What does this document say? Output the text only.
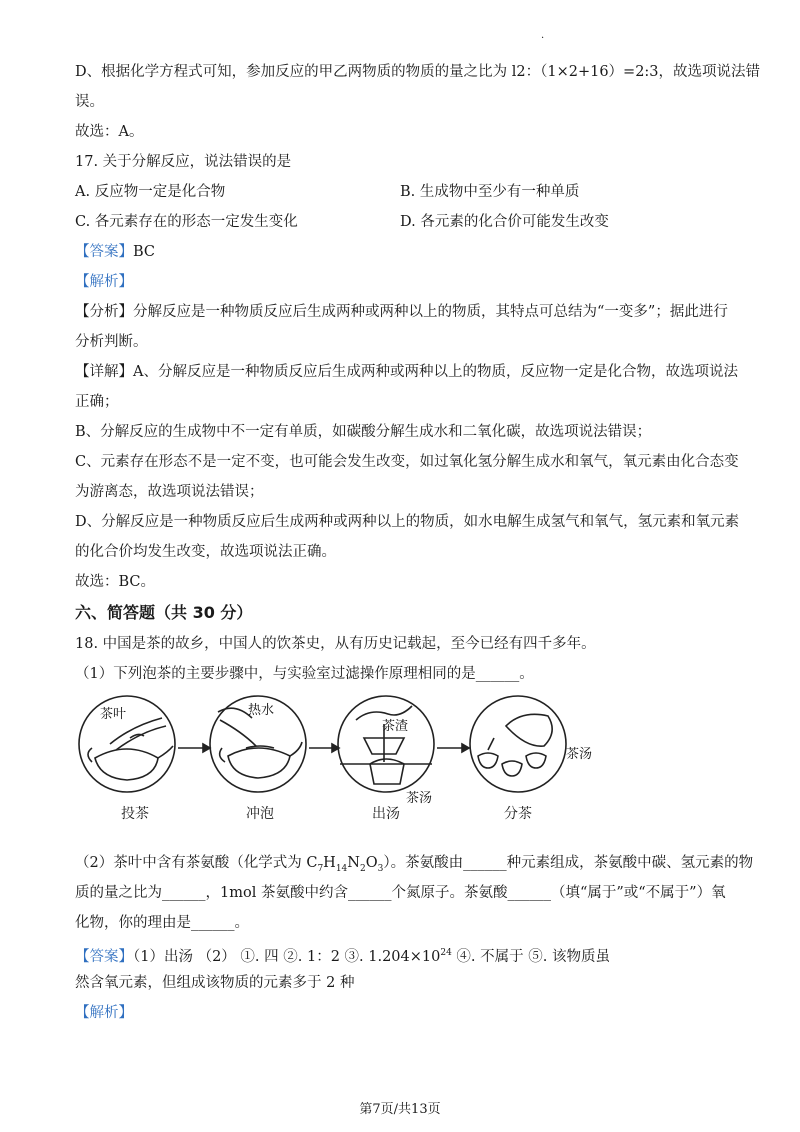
.
D、根据化学方程式可知，参加反应的甲乙两物质的物质的量之比为 l2：（1×2+16）=2:3，故选项说法错
误。
故选：A。
17. 关于分解反应，说法错误的是
A. 反应物一定是化合物	B. 生成物中至少有一种单质
C. 各元素存在的形态一定发生变化	D. 各元素的化合价可能发生改变
【答案】BC
【解析】
【分析】分解反应是一种物质反应后生成两种或两种以上的物质，其特点可总结为“一变多”；据此进行
分析判断。
【详解】A、分解反应是一种物质反应后生成两种或两种以上的物质，反应物一定是化合物，故选项说法
正确；
B、分解反应的生成物中不一定有单质，如碳酸分解生成水和二氧化碳，故选项说法错误；
C、元素存在形态不是一定不变，也可能会发生改变，如过氧化氢分解生成水和氧气，氧元素由化合态变
为游离态，故选项说法错误；
D、分解反应是一种物质反应后生成两种或两种以上的物质，如水电解生成氢气和氧气，氢元素和氧元素
的化合价均发生改变，故选项说法正确。
故选：BC。
六、简答题（共 30 分）
18. 中国是茶的故乡，中国人的饮茶史，从有历史记载起，至今已经有四千多年。
（1）下列泡茶的主要步骤中，与实验室过滤操作原理相同的是______。
茶叶	热水
茶渣
茶汤
茶汤
投茶	冲泡	出汤	分茶
（2）茶叶中含有茶氨酸（化学式为 $C_7H_{14}N_2O_3$）。茶氨酸由______种元素组成，茶氨酸中碳、氢元素的物
质的量之比为______，1mol 茶氨酸中约含______个氮原子。茶氨酸______（填“属于”或“不属于”）氧
化物，你的理由是______。
【答案】（1）出汤 （2） ①. 四 ②. 1：2 ③. $1.204\times 10^{24}$ ④. 不属于 ⑤. 该物质虽
然含氧元素，但组成该物质的元素多于 2 种
【解析】
第7页/共13页
